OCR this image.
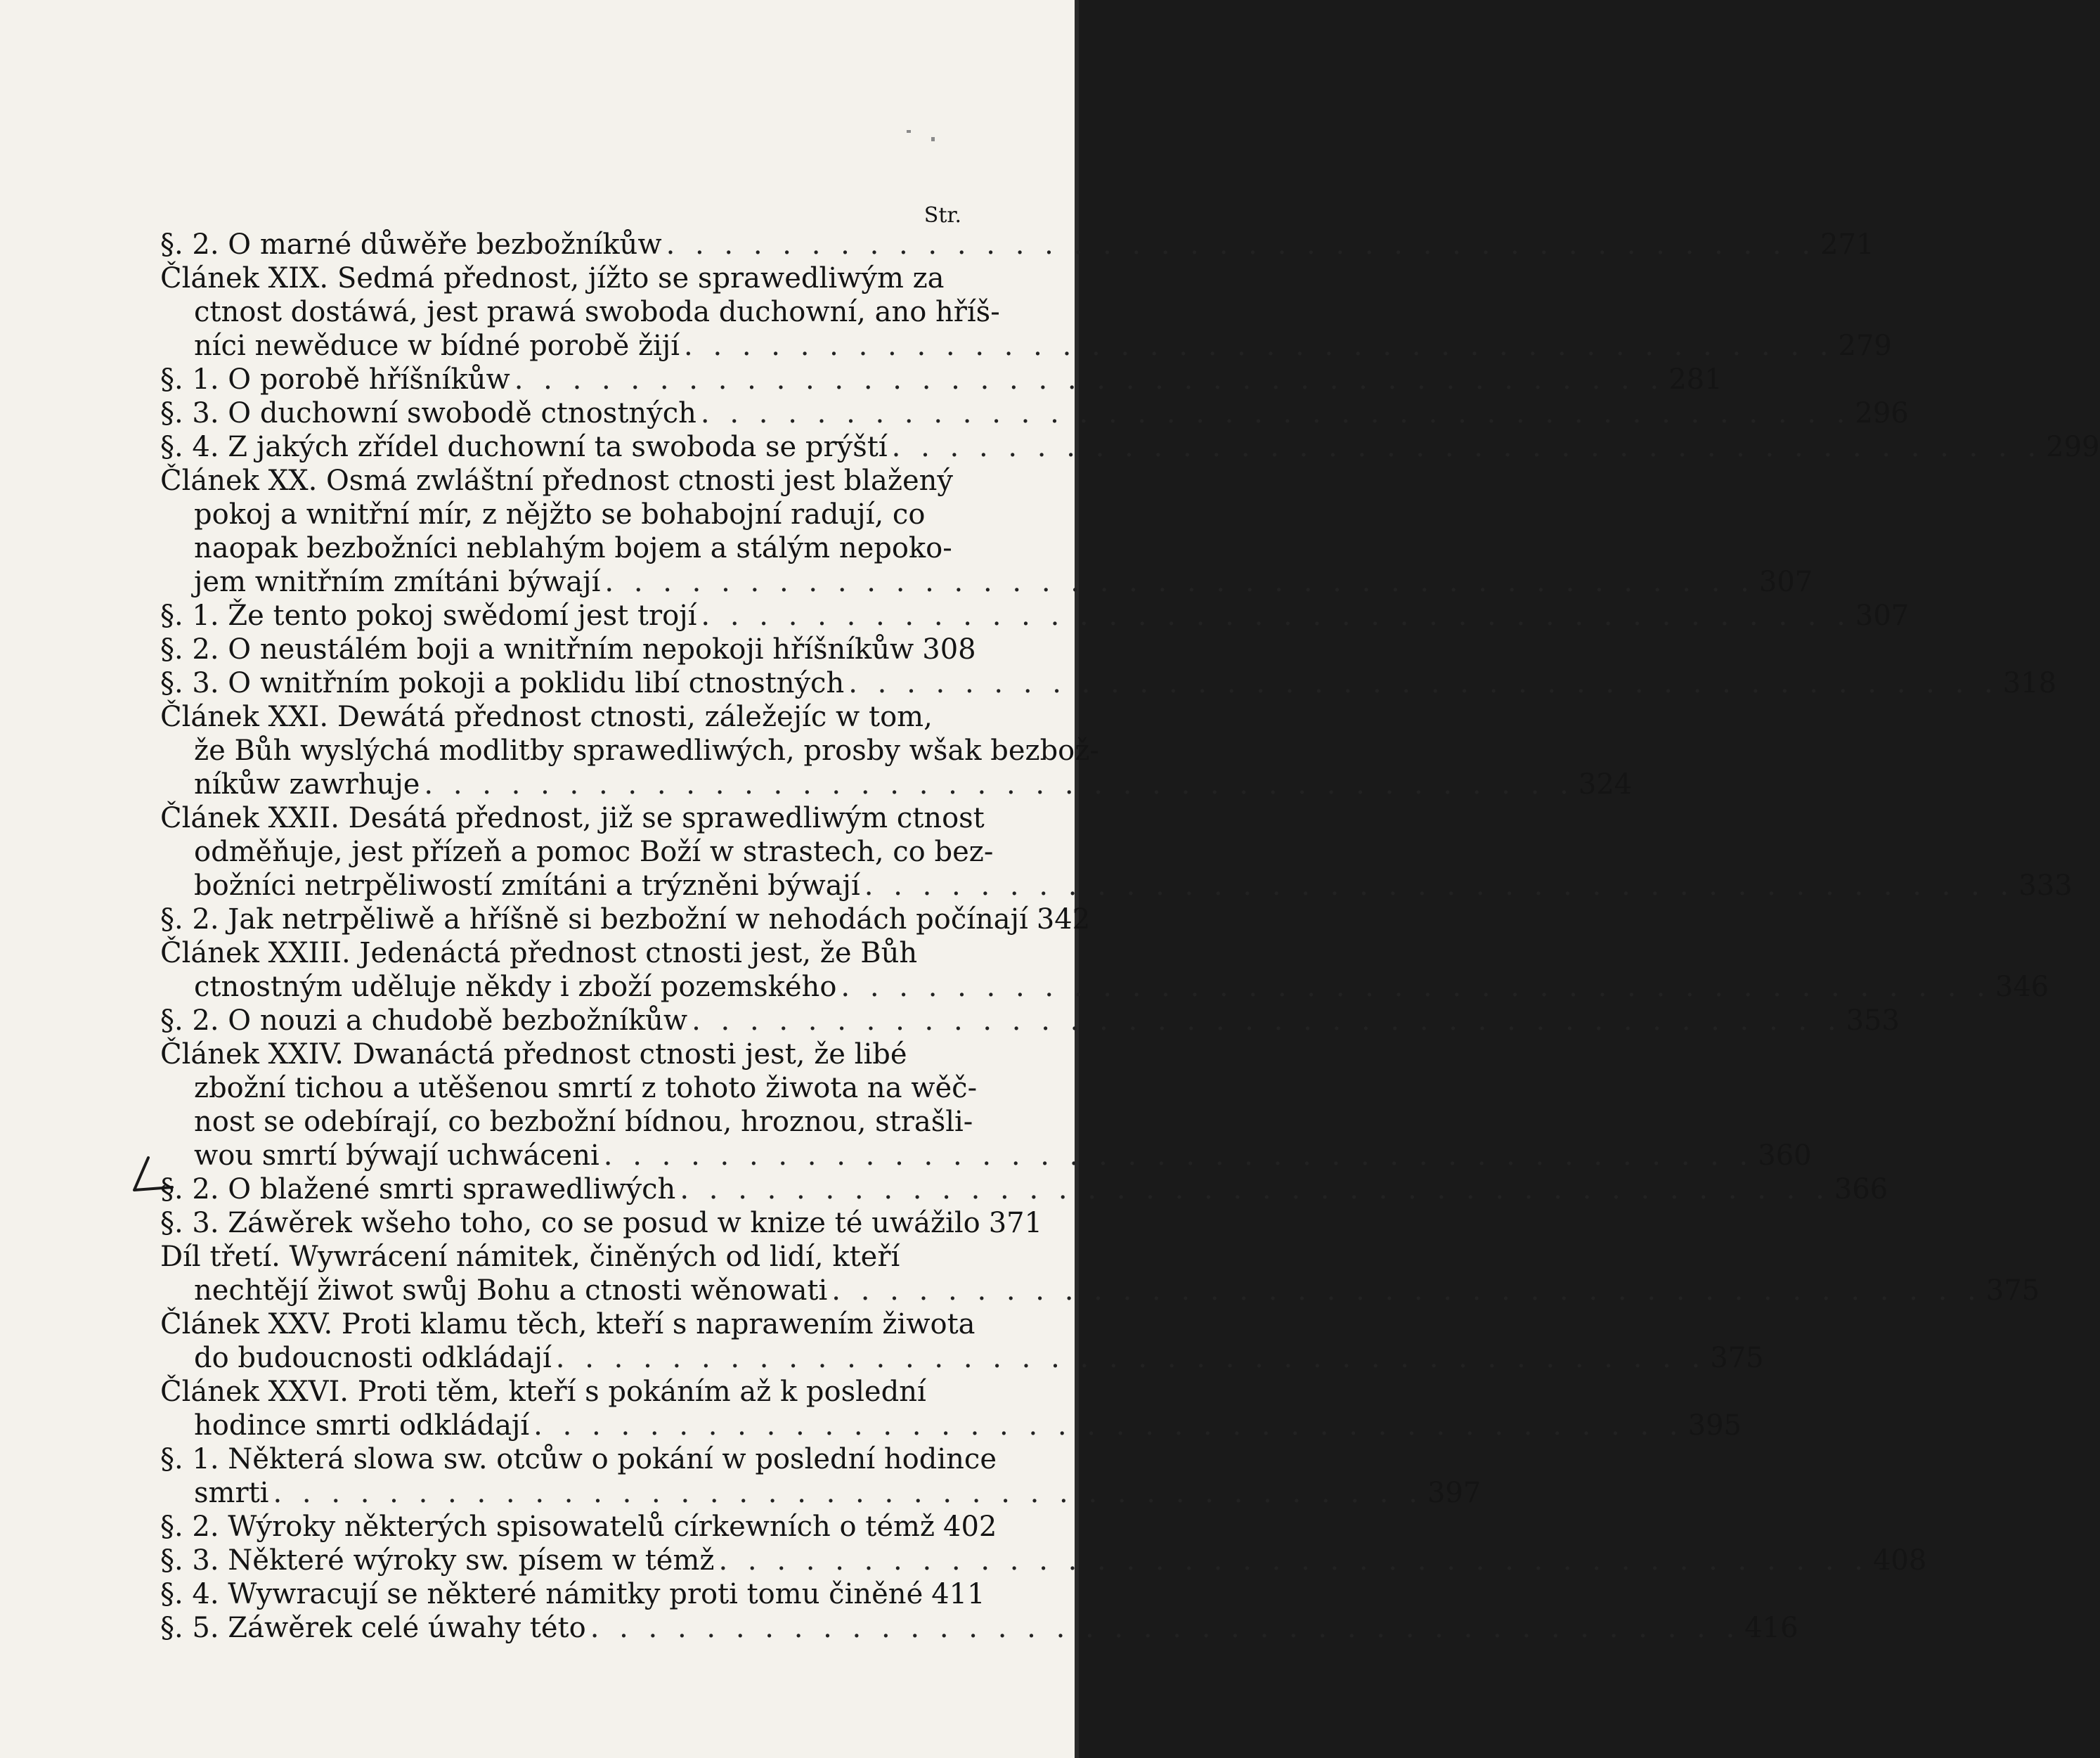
Str.
§. 2. O marné důwěře bezbožníkůw . . . . . . . . . . . . . . . . . . . . . . . . . . . . . . . . . . . . . . . . 271
Článek XIX. Sedmá přednost, jížto se sprawedliwým za
ctnost dostáwá, jest prawá swoboda duchowní, ano hříš-
níci newěduce w bídné porobě žijí . . . . . . . . . . . . . . . . . . . . . . . . . . . . . . . . . . . . . . . . 279
§. 1. O porobě hříšníkůw . . . . . . . . . . . . . . . . . . . . . . . . . . . . . . . . . . . . . . . . 281
§. 3. O duchowní swobodě ctnostných . . . . . . . . . . . . . . . . . . . . . . . . . . . . . . . . . . . . . . . . 296
§. 4. Z jakých zřídel duchowní ta swoboda se prýští . . . . . . . . . . . . . . . . . . . . . . . . . . . . . . . . . . . . . . . . 299
Článek XX. Osmá zwláštní přednost ctnosti jest blažený
pokoj a wnitřní mír, z nějžto se bohabojní radují, co
naopak bezbožníci neblahým bojem a stálým nepoko-
jem wnitřním zmítáni býwají . . . . . . . . . . . . . . . . . . . . . . . . . . . . . . . . . . . . . . . . 307
§. 1. Že tento pokoj swědomí jest trojí . . . . . . . . . . . . . . . . . . . . . . . . . . . . . . . . . . . . . . . . 307
§. 2. O neustálém boji a wnitřním nepokoji hříšníkůw 308
§. 3. O wnitřním pokoji a poklidu libí ctnostných . . . . . . . . . . . . . . . . . . . . . . . . . . . . . . . . . . . . . . . . 318
Článek XXI. Dewátá přednost ctnosti, záležejíc w tom,
že Bůh wyslýchá modlitby sprawedliwých, prosby wšak bezbož-
níkůw zawrhuje . . . . . . . . . . . . . . . . . . . . . . . . . . . . . . . . . . . . . . . . 324
Článek XXII. Desátá přednost, již se sprawedliwým ctnost
odměňuje, jest přízeň a pomoc Boží w strastech, co bez-
božníci netrpěliwostí zmítáni a trýzněni býwají . . . . . . . . . . . . . . . . . . . . . . . . . . . . . . . . . . . . . . . . 333
§. 2. Jak netrpěliwě a hříšně si bezbožní w nehodách počínají 342
Článek XXIII. Jedenáctá přednost ctnosti jest, že Bůh
ctnostným udělujе někdy i zboží pozemského . . . . . . . . . . . . . . . . . . . . . . . . . . . . . . . . . . . . . . . . 346
§. 2. O nouzi a chudobě bezbožníkůw . . . . . . . . . . . . . . . . . . . . . . . . . . . . . . . . . . . . . . . . 353
Článek XXIV. Dwanáctá přednost ctnosti jest, že libé
zbožní tichou a utěšenou smrtí z tohoto žiwota na wěč-
nost se odebírají, co bezbožní bídnou, hroznou, strašli-
wou smrtí býwají uchwáceni . . . . . . . . . . . . . . . . . . . . . . . . . . . . . . . . . . . . . . . . 360
§. 2. O blažené smrti sprawedliwých . . . . . . . . . . . . . . . . . . . . . . . . . . . . . . . . . . . . . . . . 366
§. 3. Záwěrek wšeho toho, co se posud w knize té uwážilo 371
Díl třetí. Wywrácení námitek, činěných od lidí, kteří
nechtějí žiwot swůj Bohu a ctnosti wěnowati . . . . . . . . . . . . . . . . . . . . . . . . . . . . . . . . . . . . . . . . 375
Článek XXV. Proti klamu těch, kteří s naprawením žiwota
do budoucnosti odkládají . . . . . . . . . . . . . . . . . . . . . . . . . . . . . . . . . . . . . . . . 375
Článek XXVI. Proti těm, kteří s pokáním až k poslední
hodince smrti odkládají . . . . . . . . . . . . . . . . . . . . . . . . . . . . . . . . . . . . . . . . 395
§. 1. Některá slowa sw. otcůw o pokání w poslední hodince
smrti . . . . . . . . . . . . . . . . . . . . . . . . . . . . . . . . . . . . . . . . 397
§. 2. Wýroky některých spisowatelů církewních o témž 402
§. 3. Některé wýroky sw. písem w témž . . . . . . . . . . . . . . . . . . . . . . . . . . . . . . . . . . . . . . . . 408
§. 4. Wywracují se některé námitky proti tomu činěné 411
§. 5. Záwěrek celé úwahy této . . . . . . . . . . . . . . . . . . . . . . . . . . . . . . . . . . . . . . . . 416
